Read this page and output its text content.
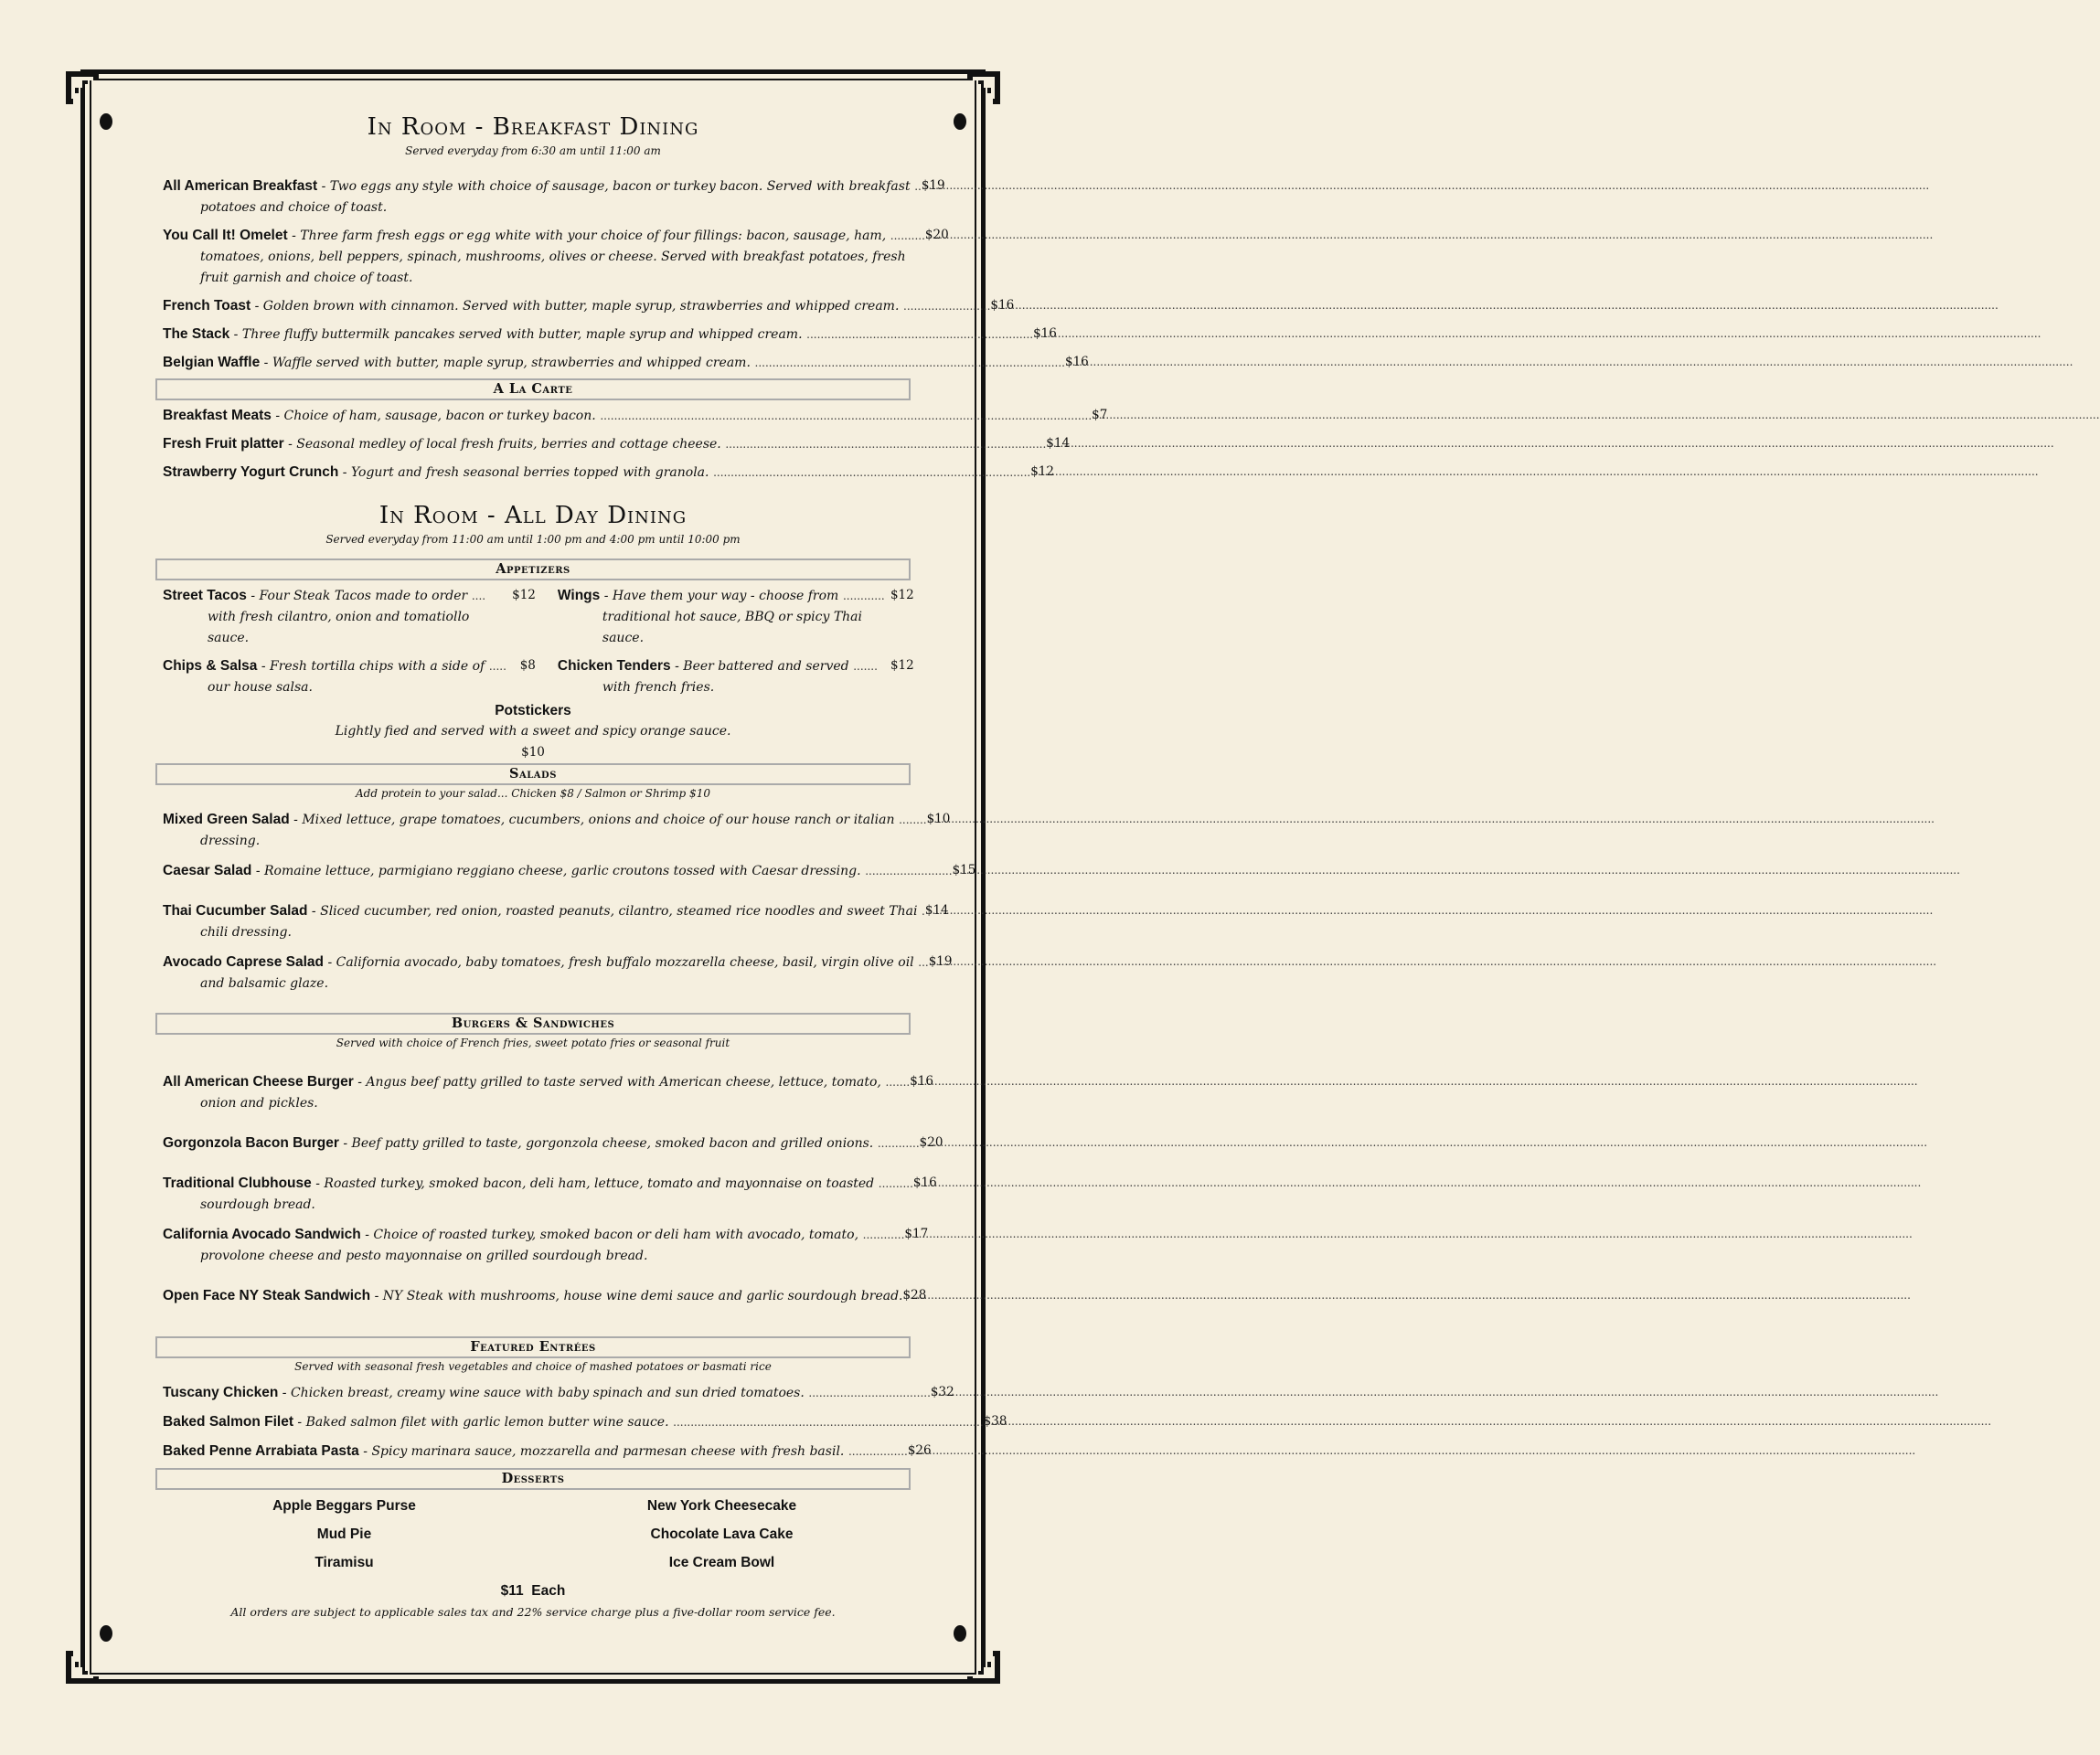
In Room - Breakfast Dining
Served everyday from 6:30 am until 11:00 am
All American Breakfast - Two eggs any style with choice of sausage, bacon or turkey bacon. Served with breakfast .. ..... $19
potatoes and choice of toast.
You Call It! Omelet - Three farm fresh eggs or egg white with your choice of four fillings: bacon, sausage, ham, .......... ..... $20
tomatoes, onions, bell peppers, spinach, mushrooms, olives or cheese. Served with breakfast potatoes, fresh
fruit garnish and choice of toast.
French Toast - Golden brown with cinnamon. Served with butter, maple syrup, strawberries and whipped cream. ......................... ..... $16
The Stack - Three fluffy buttermilk pancakes served with butter, maple syrup and whipped cream. ................................................................. ..... $16
Belgian Waffle - Waffle served with butter, maple syrup, strawberries and whipped cream. ......................................................................................... ..... $16
A La Carte
Breakfast Meats - Choice of ham, sausage, bacon or turkey bacon. ............................................................................................................................................. ..... $7
Fresh Fruit platter - Seasonal medley of local fresh fruits, berries and cottage cheese. ............................................................................................ ..... $14
Strawberry Yogurt Crunch - Yogurt and fresh seasonal berries topped with granola. ........................................................................................... ..... $12
In Room - All Day Dining
Served everyday from 11:00 am until 1:00 pm and 4:00 pm until 10:00 pm
Appetizers
Street Tacos - Four Steak Tacos made to order ....	$12
with fresh cilantro, onion and tomatiollo
sauce.
Chips & Salsa - Fresh tortilla chips with a side of .....	$8
our house salsa.
Wings - Have them your way - choose from ............ $12
traditional hot sauce, BBQ or spicy Thai
sauce.
Chicken Tenders - Beer battered and served .......	$12
with french fries.
Potstickers
Lightly fied and served with a sweet and spicy orange sauce.
$10
Salads
Add protein to your salad... Chicken $8 / Salmon or Shrimp $10
Mixed Green Salad - Mixed lettuce, grape tomatoes, cucumbers, onions and choice of our house ranch or italian ........ ..... $10
dressing.
Caesar Salad - Romaine lettuce, parmigiano reggiano cheese, garlic croutons tossed with Caesar dressing. ......................... ..... $15
Thai Cucumber Salad - Sliced cucumber, red onion, roasted peanuts, cilantro, steamed rice noodles and sweet Thai . ..... $14
chili dressing.
Avocado Caprese Salad - California avocado, baby tomatoes, fresh buffalo mozzarella cheese, basil, virgin olive oil ... ..... $19
and balsamic glaze.
Burgers & Sandwiches
Served with choice of French fries, sweet potato fries or seasonal fruit
All American Cheese Burger - Angus beef patty grilled to taste served with American cheese, lettuce, tomato, ....... ..... $16
onion and pickles.
Gorgonzola Bacon Burger - Beef patty grilled to taste, gorgonzola cheese, smoked bacon and grilled onions. ............ ..... $20
Traditional Clubhouse - Roasted turkey, smoked bacon, deli ham, lettuce, tomato and mayonnaise on toasted .......... ..... $16
sourdough bread.
California Avocado Sandwich - Choice of roasted turkey, smoked bacon or deli ham with avocado, tomato, ............ ..... $17
provolone cheese and pesto mayonnaise on grilled sourdough bread.
Open Face NY Steak Sandwich - NY Steak with mushrooms, house wine demi sauce and garlic sourdough bread. ..... $28
Featured Entrées
Served with seasonal fresh vegetables and choice of mashed potatoes or basmati rice
Tuscany Chicken - Chicken breast, creamy wine sauce with baby spinach and sun dried tomatoes. ................................... ..... $32
Baked Salmon Filet - Baked salmon filet with garlic lemon butter wine sauce. ......................................................................................... ..... $38
Baked Penne Arrabiata Pasta - Spicy marinara sauce, mozzarella and parmesan cheese with fresh basil. ................. ..... $26
Desserts
Apple Beggars Purse	New York Cheesecake
Mud Pie	Chocolate Lava Cake
Tiramisu	Ice Cream Bowl
$11  Each
All orders are subject to applicable sales tax and 22% service charge plus a five-dollar room service fee.
